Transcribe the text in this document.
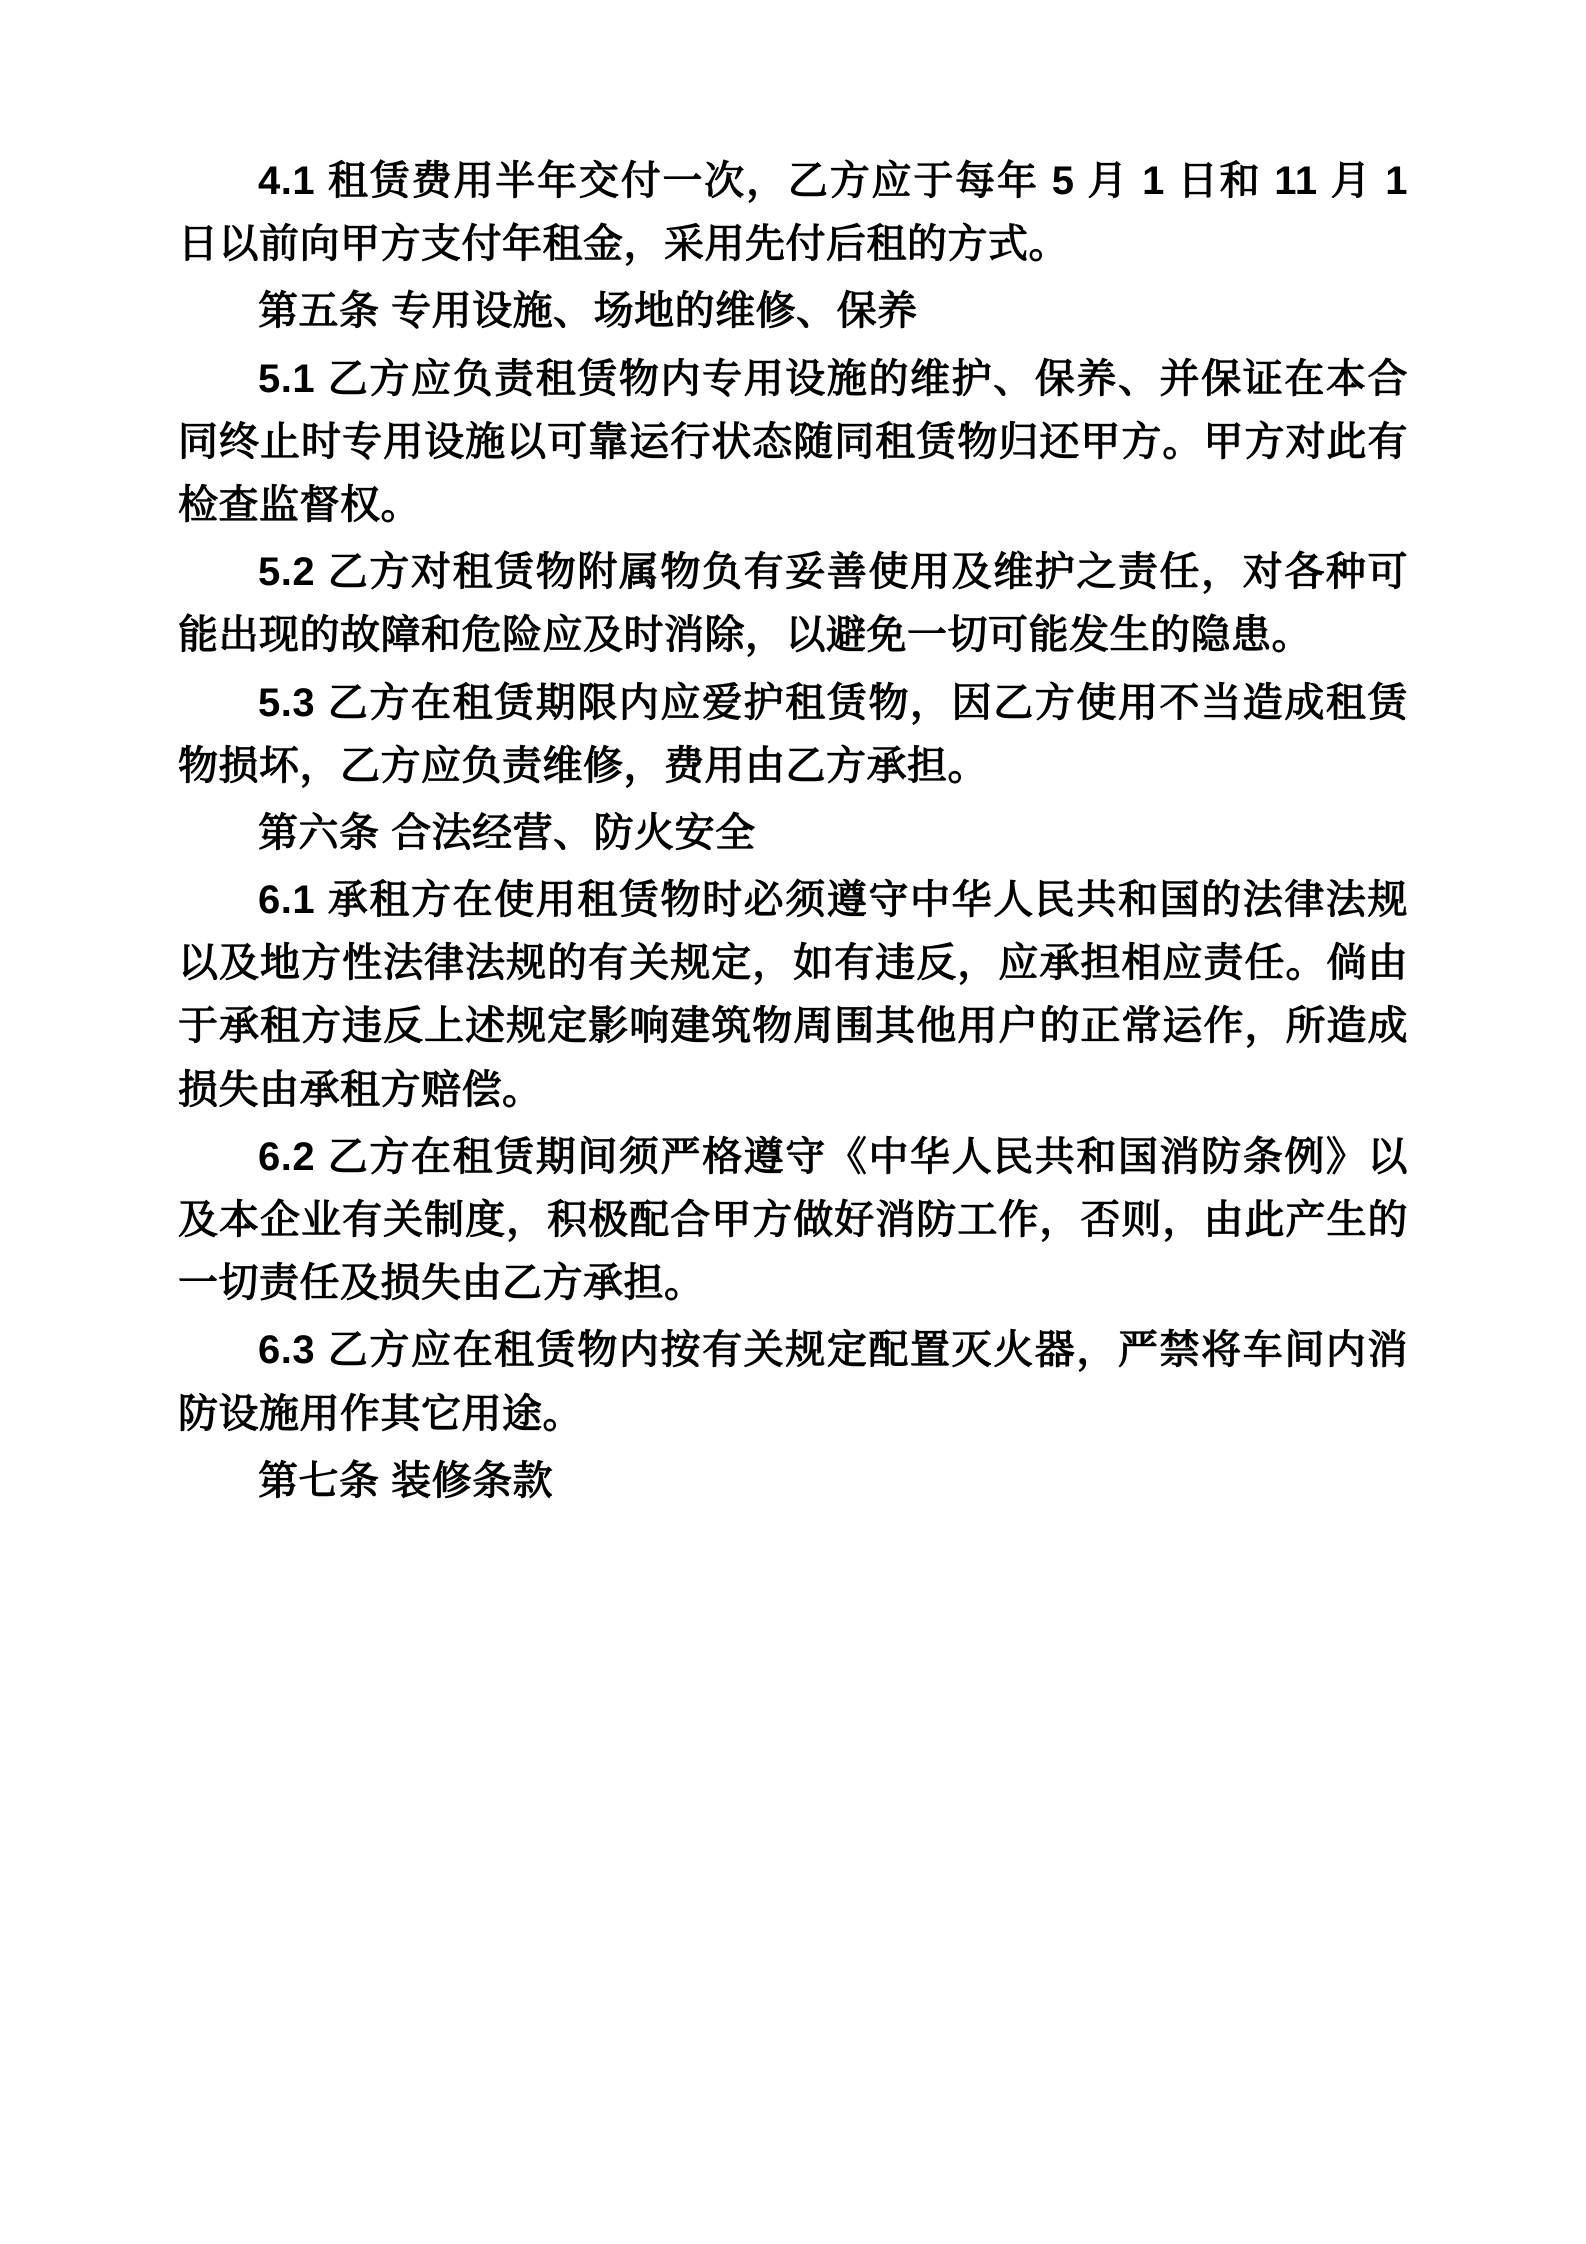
4.1 租赁费用半年交付一次，乙方应于每年 5 月 1 日和 11 月 1 日以前向甲方支付年租金，采用先付后租的方式。

第五条 专用设施、场地的维修、保养

5.1 乙方应负责租赁物内专用设施的维护、保养、并保证在本合同终止时专用设施以可靠运行状态随同租赁物归还甲方。甲方对此有检查监督权。

5.2 乙方对租赁物附属物负有妥善使用及维护之责任，对各种可能出现的故障和危险应及时消除，以避免一切可能发生的隐患。

5.3 乙方在租赁期限内应爱护租赁物，因乙方使用不当造成租赁物损坏，乙方应负责维修，费用由乙方承担。

第六条 合法经营、防火安全

6.1 承租方在使用租赁物时必须遵守中华人民共和国的法律法规以及地方性法律法规的有关规定，如有违反，应承担相应责任。倘由于承租方违反上述规定影响建筑物周围其他用户的正常运作，所造成损失由承租方赔偿。

6.2 乙方在租赁期间须严格遵守《中华人民共和国消防条例》以及本企业有关制度，积极配合甲方做好消防工作，否则，由此产生的一切责任及损失由乙方承担。

6.3 乙方应在租赁物内按有关规定配置灭火器，严禁将车间内消防设施用作其它用途。

第七条 装修条款
